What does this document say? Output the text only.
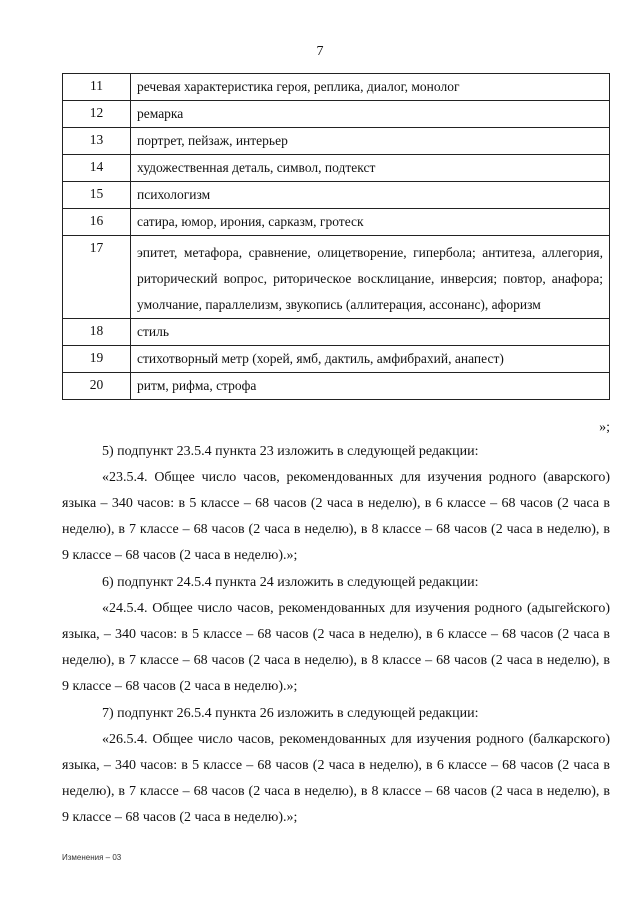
7
11	речевая характеристика героя, реплика, диалог, монолог
12	ремарка
13	портрет, пейзаж, интерьер
14	художественная деталь, символ, подтекст
15	психологизм
16	сатира, юмор, ирония, сарказм, гротеск
17	эпитет, метафора, сравнение, олицетворение, гипербола; антитеза, аллегория, риторический вопрос, риторическое восклицание, инверсия; повтор, анафора; умолчание, параллелизм, звукопись (аллитерация, ассонанс), афоризм
18	стиль
19	стихотворный метр (хорей, ямб, дактиль, амфибрахий, анапест)
20	ритм, рифма, строфа
»;

5) подпункт 23.5.4 пункта 23 изложить в следующей редакции:

«23.5.4. Общее число часов, рекомендованных для изучения родного (аварского) языка – 340 часов: в 5 классе – 68 часов (2 часа в неделю), в 6 классе – 68 часов (2 часа в неделю), в 7 классе – 68 часов (2 часа в неделю), в 8 классе – 68 часов (2 часа в неделю), в 9 классе – 68 часов (2 часа в неделю).»;

6) подпункт 24.5.4 пункта 24 изложить в следующей редакции:

«24.5.4. Общее число часов, рекомендованных для изучения родного (адыгейского) языка, – 340 часов: в 5 классе – 68 часов (2 часа в неделю), в 6 классе – 68 часов (2 часа в неделю), в 7 классе – 68 часов (2 часа в неделю), в 8 классе – 68 часов (2 часа в неделю), в 9 классе – 68 часов (2 часа в неделю).»;

7) подпункт 26.5.4 пункта 26 изложить в следующей редакции:

«26.5.4. Общее число часов, рекомендованных для изучения родного (балкарского) языка, – 340 часов: в 5 классе – 68 часов (2 часа в неделю), в 6 классе – 68 часов (2 часа в неделю), в 7 классе – 68 часов (2 часа в неделю), в 8 классе – 68 часов (2 часа в неделю), в 9 классе – 68 часов (2 часа в неделю).»;

Изменения – 03
